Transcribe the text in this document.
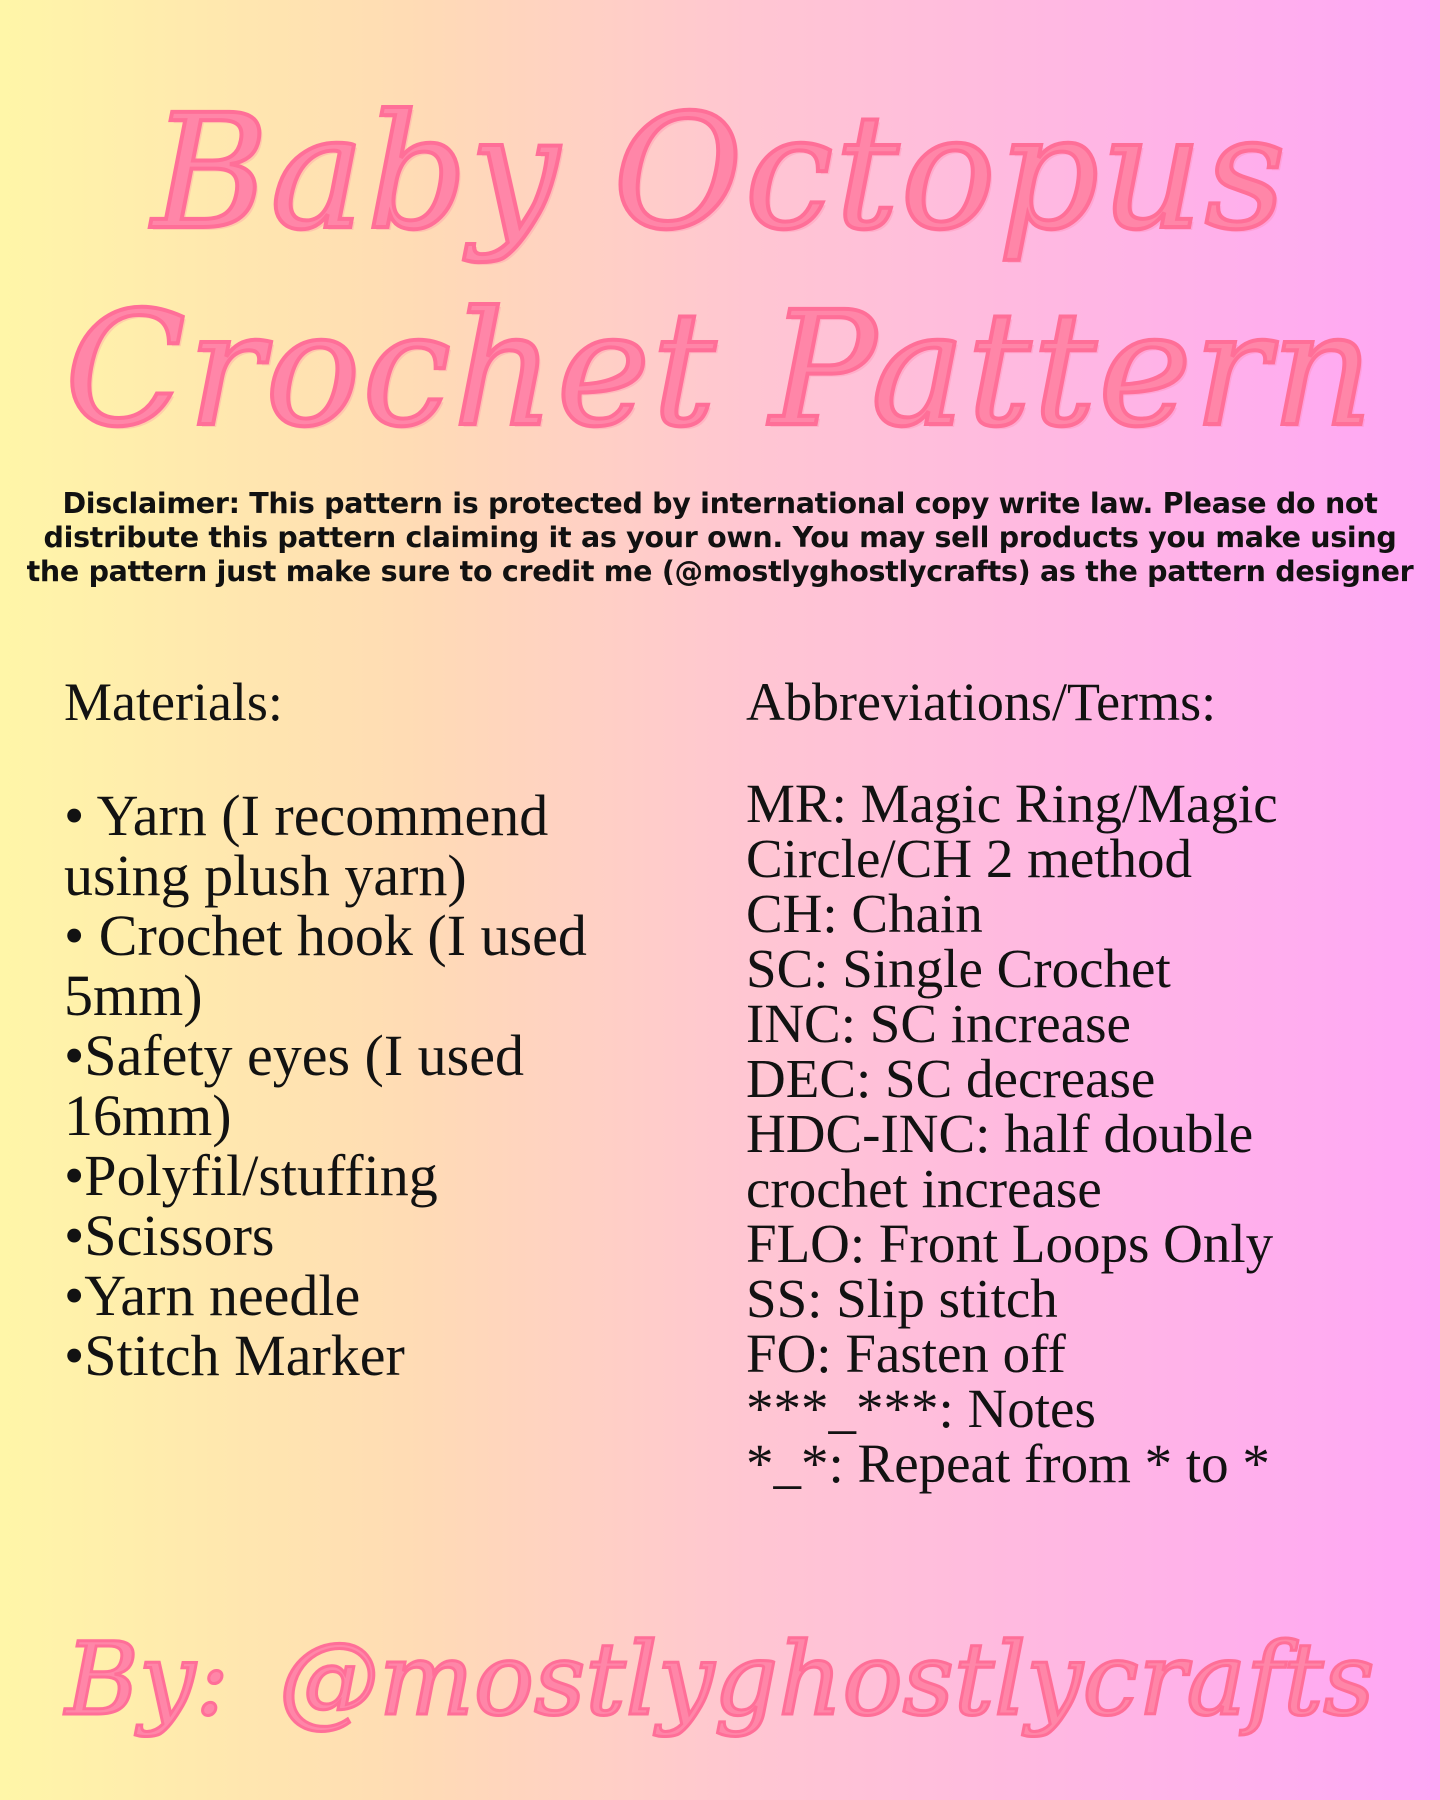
Baby Octopus
Crochet Pattern
Disclaimer: This pattern is protected by international copy write law. Please do not
distribute this pattern claiming it as your own. You may sell products you make using
the pattern just make sure to credit me (@mostlyghostlycrafts) as the pattern designer
Materials:
• Yarn (I recommend
using plush yarn)
• Crochet hook (I used
5mm)
•Safety eyes (I used
16mm)
•Polyfil/stuffing
•Scissors
•Yarn needle
•Stitch Marker
Abbreviations/Terms:
MR: Magic Ring/Magic
Circle/CH 2 method
CH: Chain
SC: Single Crochet
INC: SC increase
DEC: SC decrease
HDC-INC: half double
crochet increase
FLO: Front Loops Only
SS: Slip stitch
FO: Fasten off
***_***: Notes
*_*: Repeat from * to *
By: @mostlyghostlycrafts
